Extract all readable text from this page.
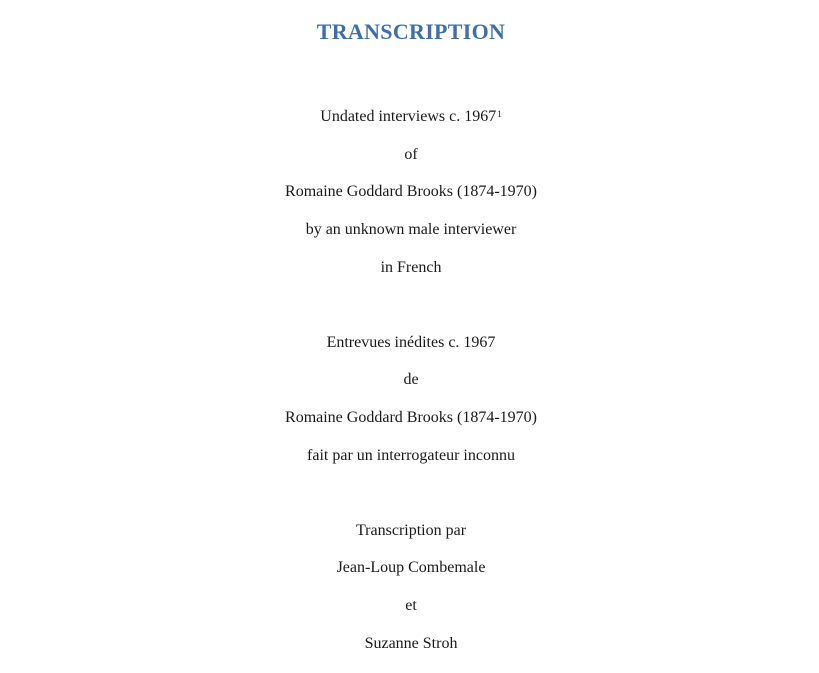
TRANSCRIPTION
Undated interviews c. 1967$^1$
of
Romaine Goddard Brooks (1874-1970)
by an unknown male interviewer
in French
Entrevues inédites c. 1967
de
Romaine Goddard Brooks (1874-1970)
fait par un interrogateur inconnu
Transcription par
Jean-Loup Combemale
et
Suzanne Stroh
